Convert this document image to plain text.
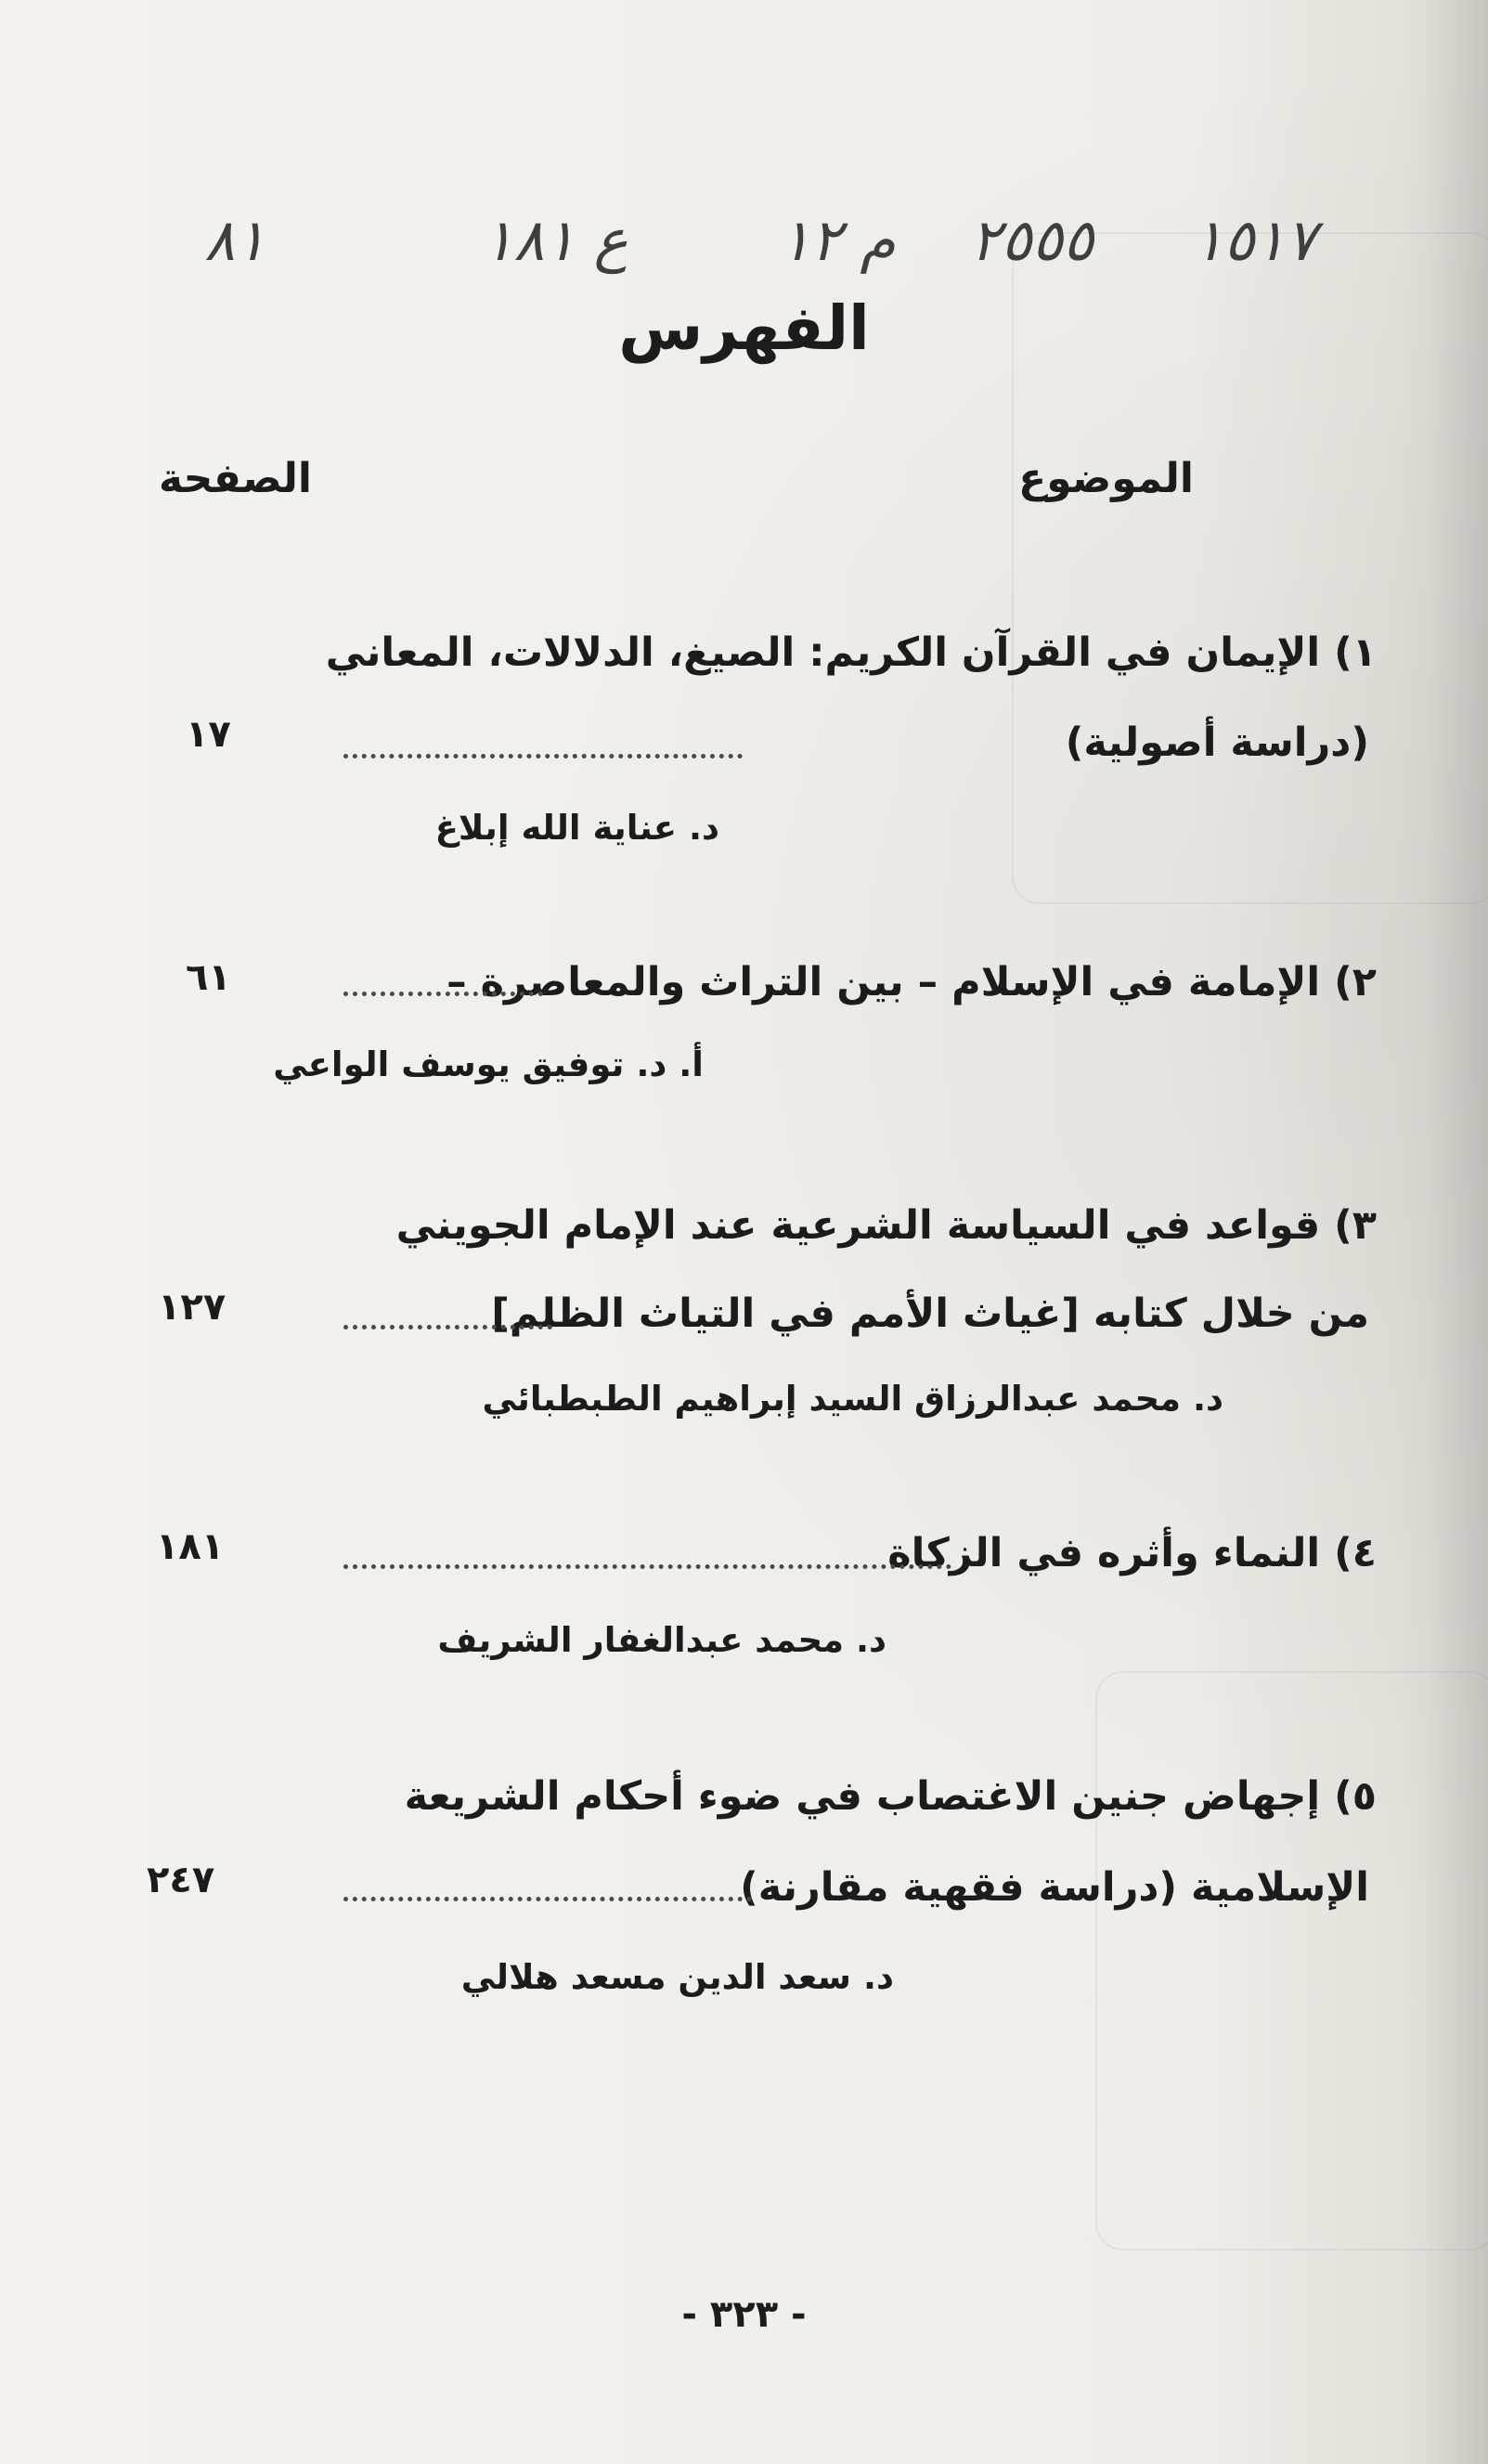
١٥١٧
٢٥٥٥
م ١٢
ع ١٨١
٨١
الفهرس
الموضوع
الصفحة
١) الإيمان في القرآن الكريم: الصيغ، الدلالات، المعاني
(دراسة أصولية)
١٧
د. عناية الله إبلاغ
٢) الإمامة في الإسلام – بين التراث والمعاصرة –
٦١
أ. د. توفيق يوسف الواعي
٣) قواعد في السياسة الشرعية عند الإمام الجويني
من خلال كتابه [غياث الأمم في التياث الظلم]
١٢٧
د. محمد عبدالرزاق السيد إبراهيم الطبطبائي
٤) النماء وأثره في الزكاة
١٨١
د. محمد عبدالغفار الشريف
٥) إجهاض جنين الاغتصاب في ضوء أحكام الشريعة
الإسلامية (دراسة فقهية مقارنة)
٢٤٧
د. سعد الدين مسعد هلالي
- ٣٢٣ -
